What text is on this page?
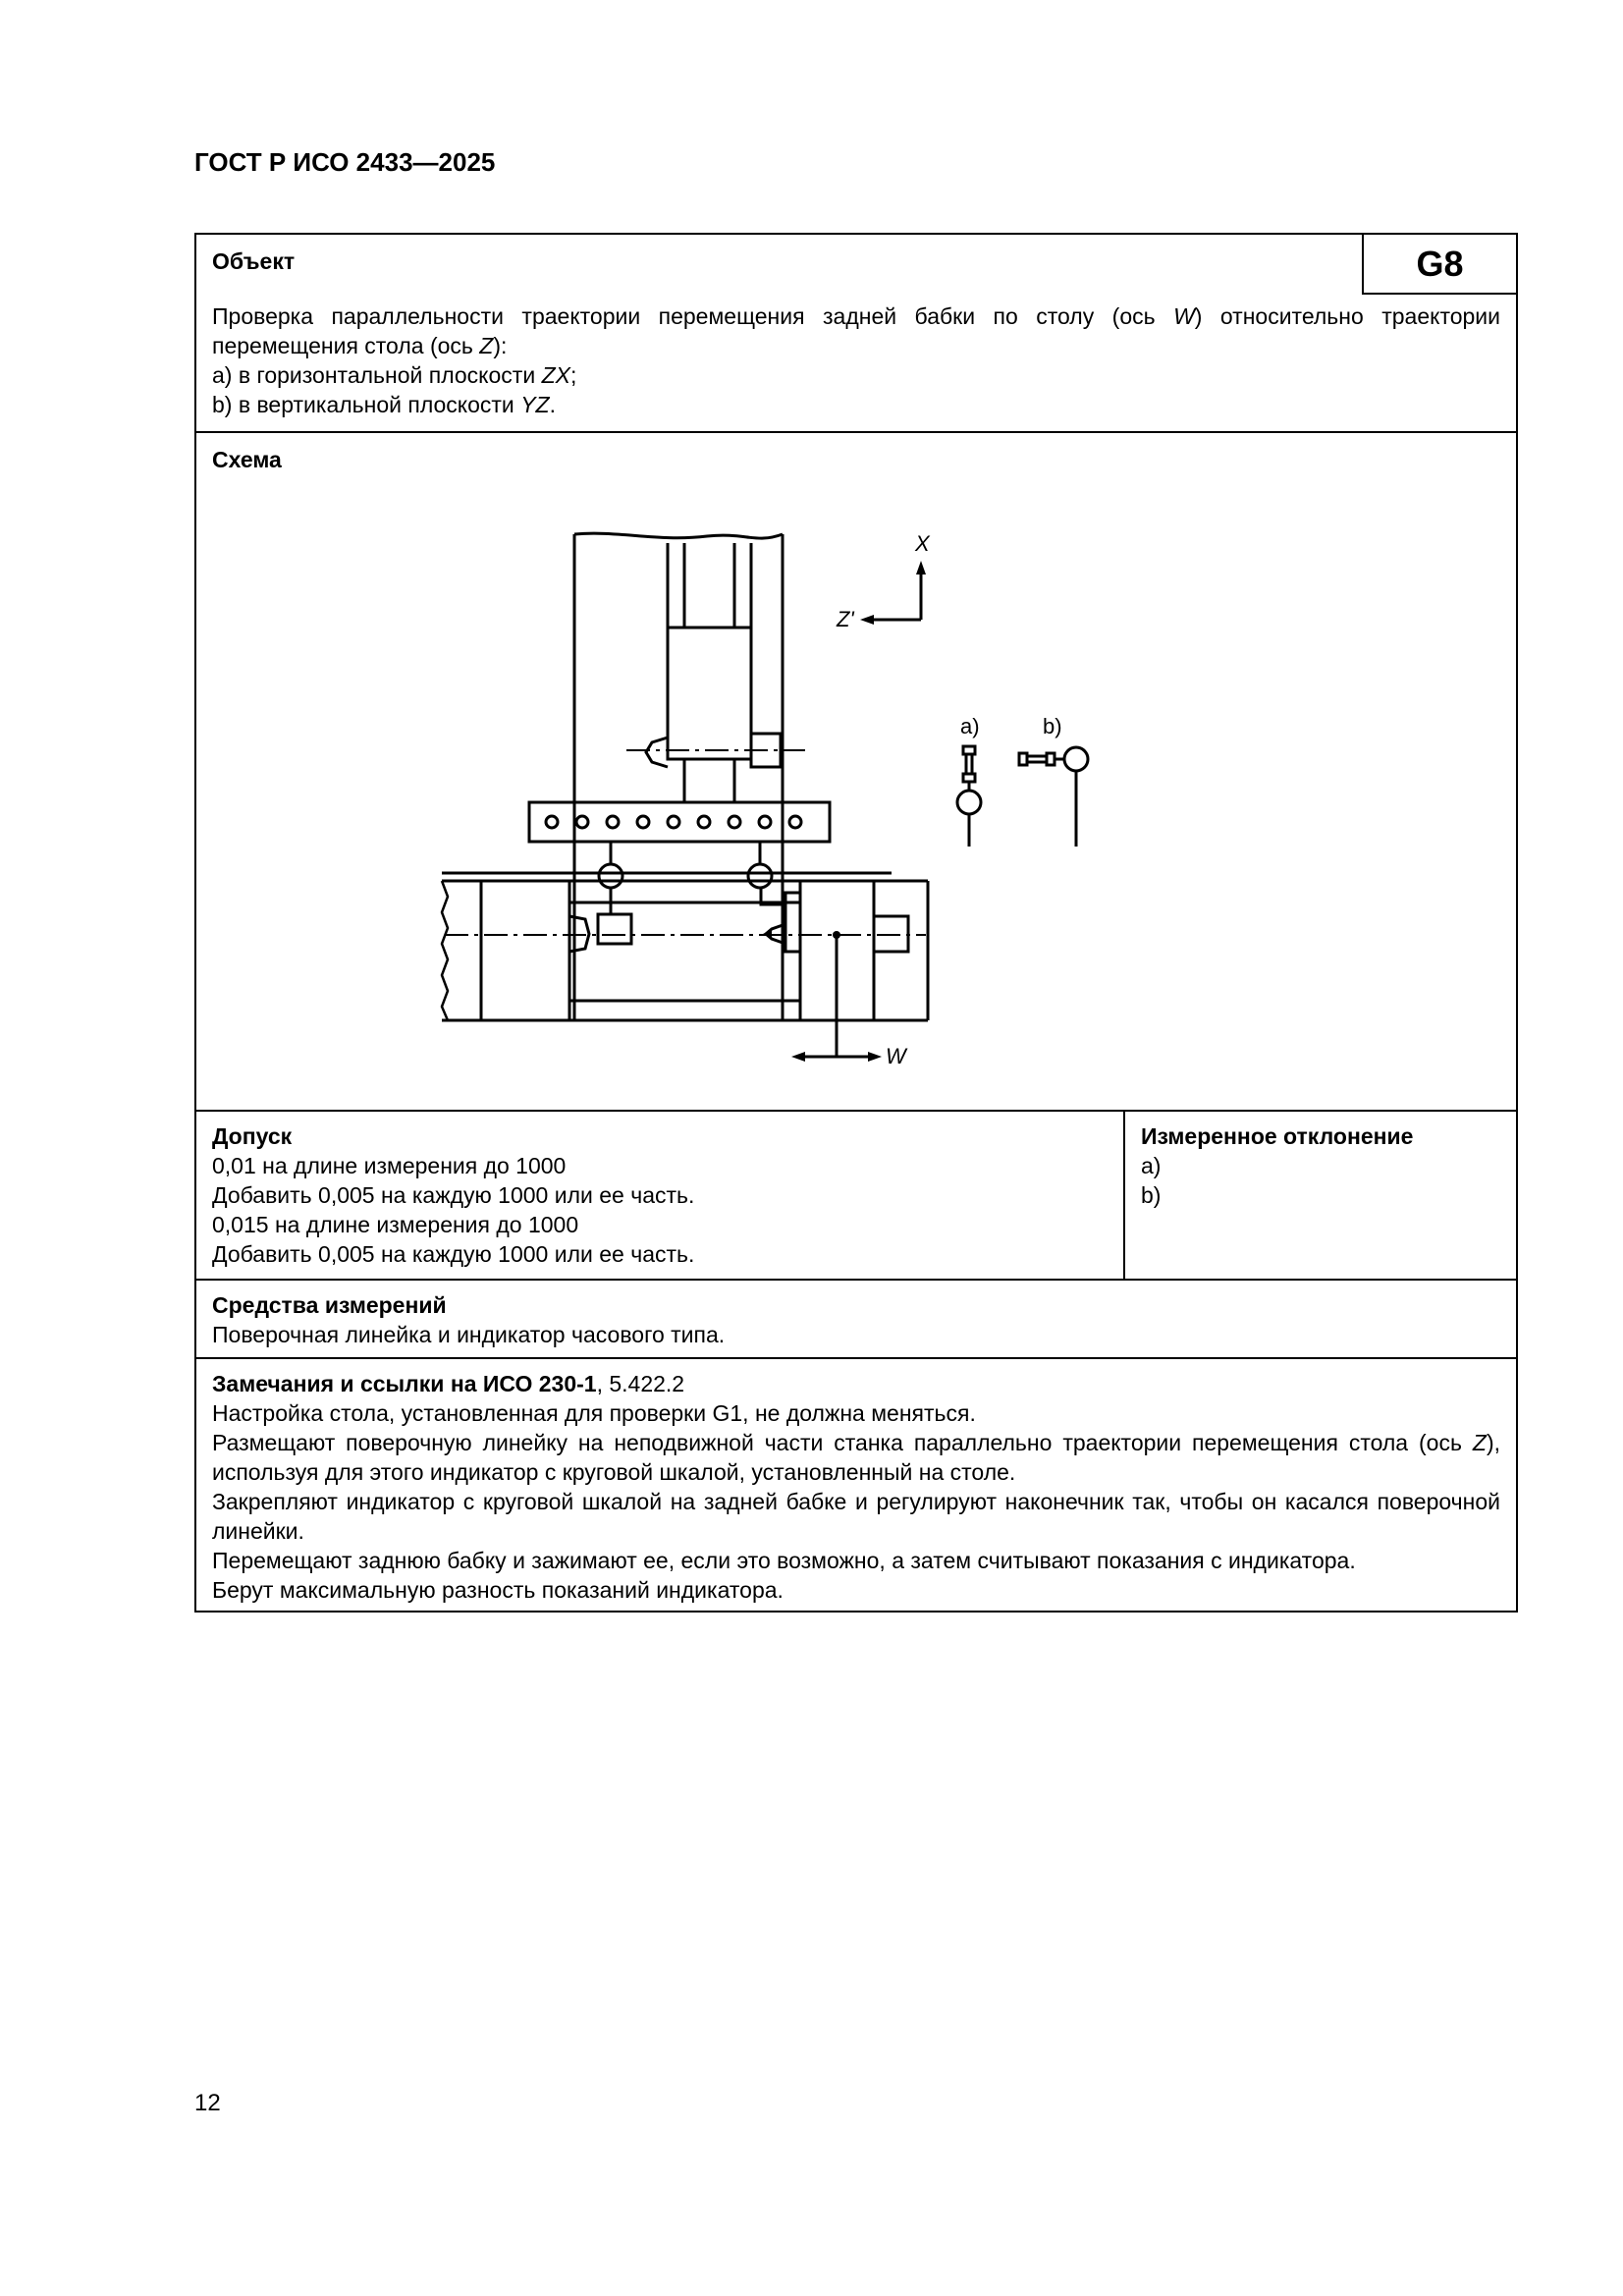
ГОСТ Р ИСО 2433—2025
Объект	G8

Проверка параллельности траектории перемещения задней бабки по столу (ось W) относительно траектории перемещения стола (ось Z):

a) в горизонтальной плоскости ZX;

b) в вертикальной плоскости YZ.

Схема
X
Z'
W
a)	b)

Допуск

0,01 на длине измерения до 1000

Добавить 0,005 на каждую 1000 или ее часть.

0,015 на длине измерения до 1000

Добавить 0,005 на каждую 1000 или ее часть.

Измеренное отклонение

a)

b)

Средства измерений

Поверочная линейка и индикатор часового типа.

Замечания и ссылки на ИСО 230-1, 5.422.2

Настройка стола, установленная для проверки G1, не должна меняться.

Размещают поверочную линейку на неподвижной части станка параллельно траектории перемещения стола (ось Z), используя для этого индикатор с круговой шкалой, установленный на столе.

Закрепляют индикатор с круговой шкалой на задней бабке и регулируют наконечник так, чтобы он касался поверочной линейки.

Перемещают заднюю бабку и зажимают ее, если это возможно, а затем считывают показания с индикатора.

Берут максимальную разность показаний индикатора.

12
